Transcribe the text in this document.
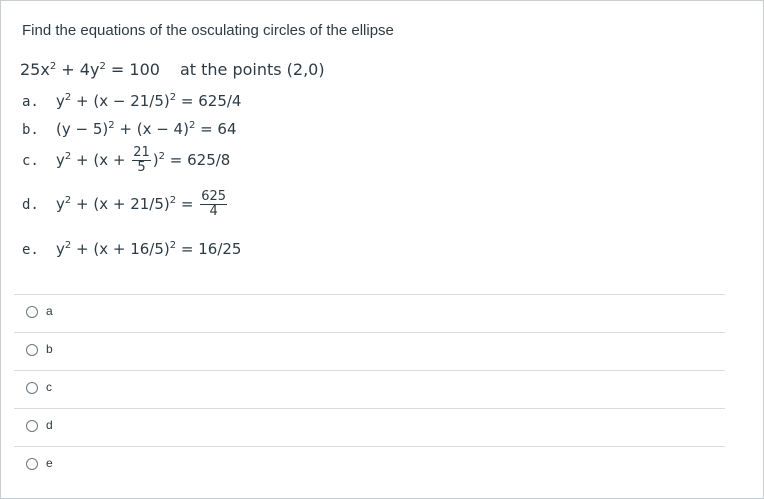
Find the equations of the osculating circles of the ellipse
$25x^2 + 4y^2 = 100$ at the points (2,0)
a. $y^2 + (x - 21/5)^2 = 625/4$
b. $(y - 5)^2 + (x - 4)^2 = 64$
c. $y^2 + (x + \frac{21}{5} )^2 = 625/8$
d. $y^2 + (x + 21/5)^2 = \frac{625}{4}$
e. $y^2 + (x + 16/5)^2 = 16/25$
a
b
c
d
e
